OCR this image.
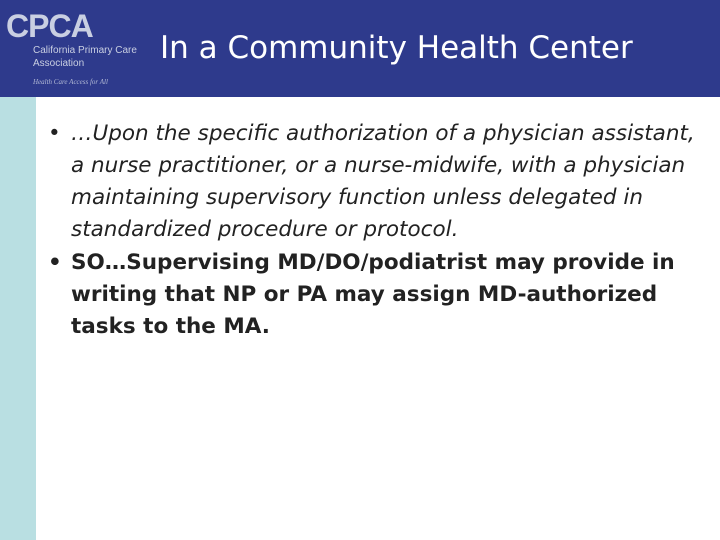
CPCA
California Primary Care Association
Health Care Access for All
In a Community Health Center
• …Upon the specific authorization of a physician assistant, a nurse practitioner, or a nurse-midwife, with a physician maintaining supervisory function unless delegated in standardized procedure or protocol.
• SO…Supervising MD/DO/podiatrist may provide in writing that NP or PA may assign MD-authorized tasks to the MA.
